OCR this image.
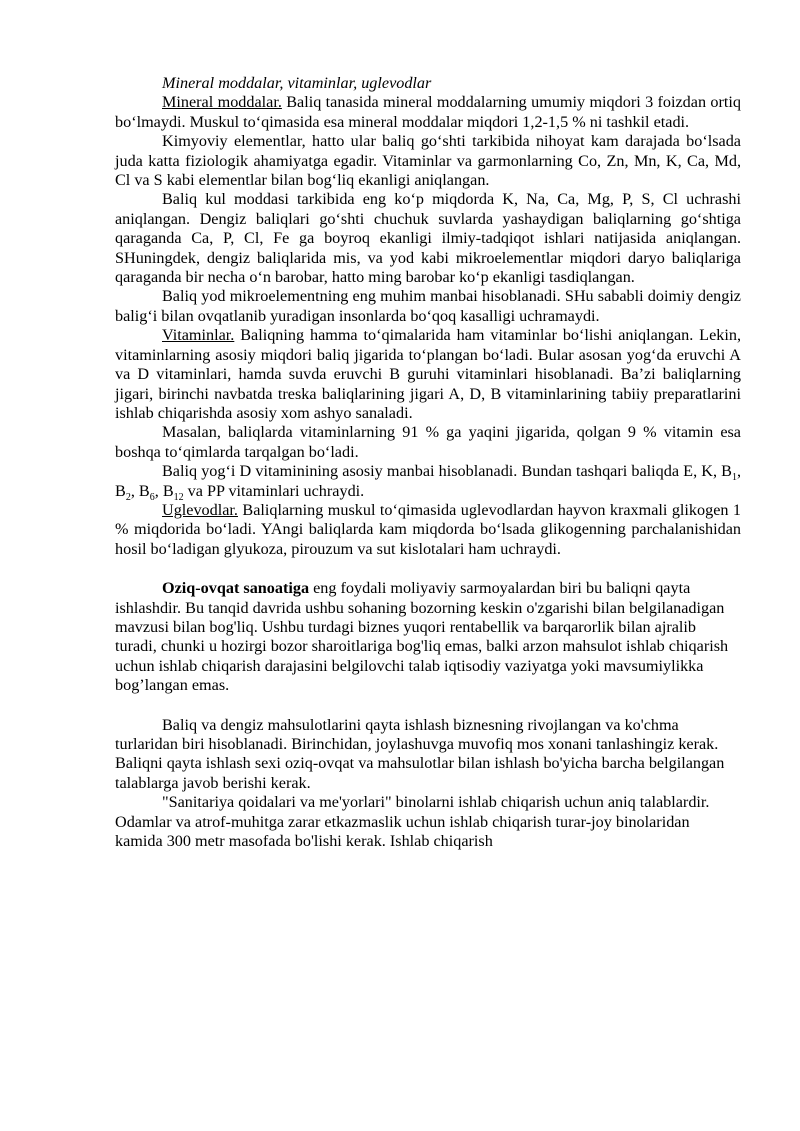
Mineral moddalar, vitaminlar, uglevodlar

Mineral moddalar. Baliq tanasida mineral moddalarning umumiy miqdori 3 foizdan ortiq bo‘lmaydi. Muskul to‘qimasida esa mineral moddalar miqdori 1,2-1,5 % ni tashkil etadi.

Kimyoviy elementlar, hatto ular baliq go‘shti tarkibida nihoyat kam darajada bo‘lsada juda katta fiziologik ahamiyatga egadir. Vitaminlar va garmonlarning Co, Zn, Mn, K, Ca, Md, Cl va S kabi elementlar bilan bog‘liq ekanligi aniqlangan.

Baliq kul moddasi tarkibida eng ko‘p miqdorda K, Na, Ca, Mg, P, S, Cl uchrashi aniqlangan. Dengiz baliqlari go‘shti chuchuk suvlarda yashaydigan baliqlarning go‘shtiga qaraganda Ca, P, Cl, Fe ga boyroq ekanligi ilmiy-tadqiqot ishlari natijasida aniqlangan. SHuningdek, dengiz baliqlarida mis, va yod kabi mikroelementlar miqdori daryo baliqlariga qaraganda bir necha o‘n barobar, hatto ming barobar ko‘p ekanligi tasdiqlangan.

Baliq yod mikroelementning eng muhim manbai hisoblanadi. SHu sababli doimiy dengiz balig‘i bilan ovqatlanib yuradigan insonlarda bo‘qoq kasalligi uchramaydi.

Vitaminlar. Baliqning hamma to‘qimalarida ham vitaminlar bo‘lishi aniqlangan. Lekin, vitaminlarning asosiy miqdori baliq jigarida to‘plangan bo‘ladi. Bular asosan yog‘da eruvchi A va D vitaminlari, hamda suvda eruvchi B guruhi vitaminlari hisoblanadi. Ba’zi baliqlarning jigari, birinchi navbatda treska baliqlarining jigari A, D, B vitaminlarining tabiiy preparatlarini ishlab chiqarishda asosiy xom ashyo sanaladi.

Masalan, baliqlarda vitaminlarning 91 % ga yaqini jigarida, qolgan 9 % vitamin esa boshqa to‘qimlarda tarqalgan bo‘ladi.

Baliq yog‘i D vitaminining asosiy manbai hisoblanadi. Bundan tashqari baliqda E, K, $B_1$, $B_2$, $B_6$, $B_{12}$ va PP vitaminlari uchraydi.

Uglevodlar. Baliqlarning muskul to‘qimasida uglevodlardan hayvon kraxmali glikogen 1 % miqdorida bo‘ladi. YAngi baliqlarda kam miqdorda bo‘lsada glikogenning parchalanishidan hosil bo‘ladigan glyukoza, pirouzum va sut kislotalari ham uchraydi.

Oziq-ovqat sanoatiga eng foydali moliyaviy sarmoyalardan biri bu baliqni qayta ishlashdir. Bu tanqid davrida ushbu sohaning bozorning keskin o'zgarishi bilan belgilanadigan mavzusi bilan bog'liq. Ushbu turdagi biznes yuqori rentabellik va barqarorlik bilan ajralib turadi, chunki u hozirgi bozor sharoitlariga bog'liq emas, balki arzon mahsulot ishlab chiqarish uchun ishlab chiqarish darajasini belgilovchi talab iqtisodiy vaziyatga yoki mavsumiylikka bog’langan emas.

Baliq va dengiz mahsulotlarini qayta ishlash biznesning rivojlangan va ko'chma turlaridan biri hisoblanadi. Birinchidan, joylashuvga muvofiq mos xonani tanlashingiz kerak. Baliqni qayta ishlash sexi oziq-ovqat va mahsulotlar bilan ishlash bo'yicha barcha belgilangan talablarga javob berishi kerak.

"Sanitariya qoidalari va me'yorlari" binolarni ishlab chiqarish uchun aniq talablardir. Odamlar va atrof-muhitga zarar etkazmaslik uchun ishlab chiqarish turar-joy binolaridan kamida 300 metr masofada bo'lishi kerak. Ishlab chiqarish
